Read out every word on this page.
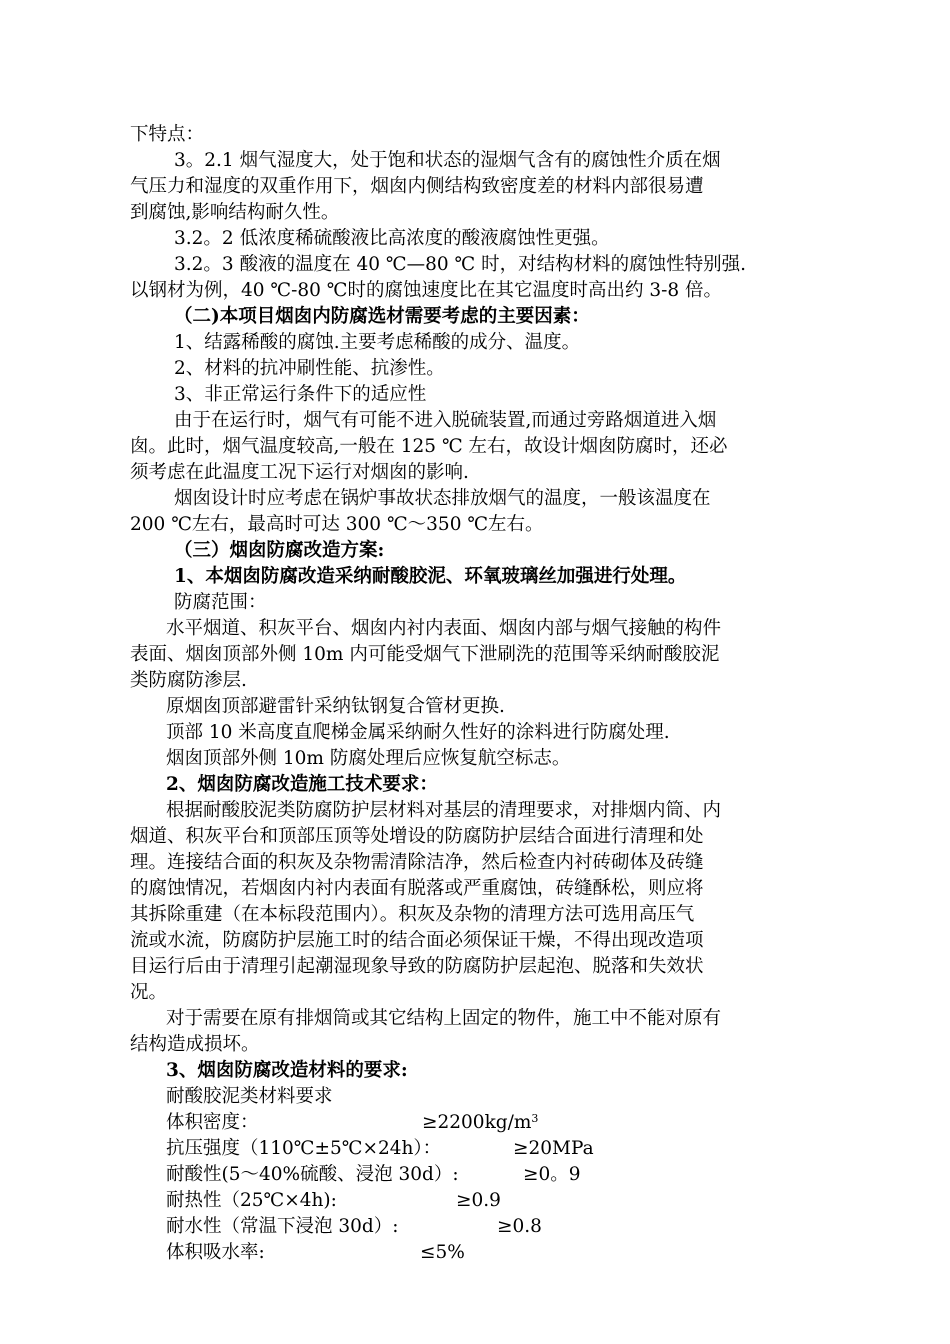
下特点：
3。2.1 烟气湿度大，处于饱和状态的湿烟气含有的腐蚀性介质在烟
气压力和湿度的双重作用下，烟囱内侧结构致密度差的材料内部很易遭
到腐蚀,影响结构耐久性。
3.2。2 低浓度稀硫酸液比高浓度的酸液腐蚀性更强。
3.2。3 酸液的温度在 40 ℃—80 ℃ 时，对结构材料的腐蚀性特别强.
以钢材为例，40 ℃-80 ℃时的腐蚀速度比在其它温度时高出约 3-8 倍。
（二)本项目烟囱内防腐选材需要考虑的主要因素：
1、结露稀酸的腐蚀.主要考虑稀酸的成分、温度。
2、材料的抗冲刷性能、抗渗性。
3、非正常运行条件下的适应性
由于在运行时，烟气有可能不进入脱硫装置,而通过旁路烟道进入烟
囱。此时，烟气温度较高,一般在 125 ℃ 左右，故设计烟囱防腐时，还必
须考虑在此温度工况下运行对烟囱的影响.
烟囱设计时应考虑在锅炉事故状态排放烟气的温度，一般该温度在
200 ℃左右，最高时可达 300 ℃～350 ℃左右。
（三）烟囱防腐改造方案:
1、本烟囱防腐改造采纳耐酸胶泥、环氧玻璃丝加强进行处理。
防腐范围：
水平烟道、积灰平台、烟囱内衬内表面、烟囱内部与烟气接触的构件
表面、烟囱顶部外侧 10m 内可能受烟气下泄刷洗的范围等采纳耐酸胶泥
类防腐防渗层.
原烟囱顶部避雷针采纳钛钢复合管材更换.
顶部 10 米高度直爬梯金属采纳耐久性好的涂料进行防腐处理.
烟囱顶部外侧 10m 防腐处理后应恢复航空标志。
2、烟囱防腐改造施工技术要求：
根据耐酸胶泥类防腐防护层材料对基层的清理要求，对排烟内筒、内
烟道、积灰平台和顶部压顶等处增设的防腐防护层结合面进行清理和处
理。连接结合面的积灰及杂物需清除洁净，然后检查内衬砖砌体及砖缝
的腐蚀情况，若烟囱内衬内表面有脱落或严重腐蚀，砖缝酥松，则应将
其拆除重建（在本标段范围内）。积灰及杂物的清理方法可选用高压气
流或水流，防腐防护层施工时的结合面必须保证干燥，不得出现改造项
目运行后由于清理引起潮湿现象导致的防腐防护层起泡、脱落和失效状
况。
对于需要在原有排烟筒或其它结构上固定的物件，施工中不能对原有
结构造成损坏。
3、烟囱防腐改造材料的要求:
耐酸胶泥类材料要求
体积密度：	$\ge 2200kg/m^3$
抗压强度（110℃±5℃×24h）：	≥20MPa
耐酸性(5～40%硫酸、浸泡 30d）:	≥0。9
耐热性（25℃×4h):	≥0.9
耐水性（常温下浸泡 30d）:	≥0.8
体积吸水率:	≤5%
